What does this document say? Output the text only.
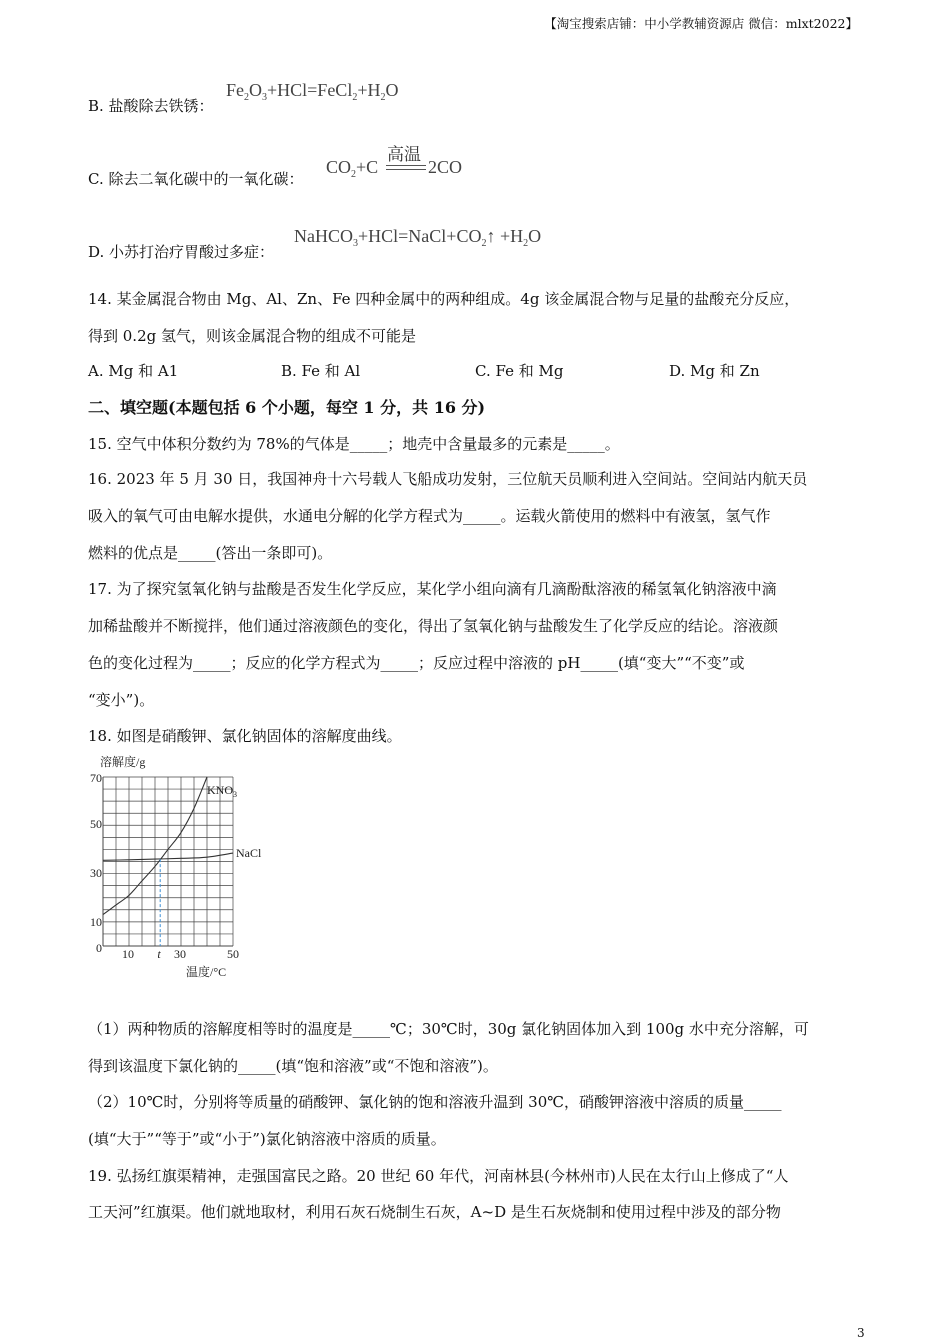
【淘宝搜索店铺：中小学教辅资源店 微信：mlxt2022】
B. 盐酸除去铁锈：
$Fe_2O_3+HCl=FeCl_2+H_2O$
C. 除去二氧化碳中的一氧化碳：
$CO_2+C$
高温
2CO
D. 小苏打治疗胃酸过多症：
$NaHCO_3+HCl=NaCl+CO_2↑ +H_2O$
14. 某金属混合物由 Mg、Al、Zn、Fe 四种金属中的两种组成。4g 该金属混合物与足量的盐酸充分反应，
得到 0.2g 氢气，则该金属混合物的组成不可能是
A. Mg 和 A1	B. Fe 和 Al	C. Fe 和 Mg	D. Mg 和 Zn
二、填空题(本题包括 6 个小题，每空 1 分，共 16 分)
15. 空气中体积分数约为 78%的气体是_____；地壳中含量最多的元素是_____。
16. 2023 年 5 月 30 日，我国神舟十六号载人飞船成功发射，三位航天员顺利进入空间站。空间站内航天员
吸入的氧气可由电解水提供，水通电分解的化学方程式为_____。运载火箭使用的燃料中有液氢，氢气作
燃料的优点是_____(答出一条即可)。
17. 为了探究氢氧化钠与盐酸是否发生化学反应，某化学小组向滴有几滴酚酞溶液的稀氢氧化钠溶液中滴
加稀盐酸并不断搅拌，他们通过溶液颜色的变化，得出了氢氧化钠与盐酸发生了化学反应的结论。溶液颜
色的变化过程为_____；反应的化学方程式为_____；反应过程中溶液的 pH_____(填“变大”“不变”或
“变小”)。
18. 如图是硝酸钾、氯化钠固体的溶解度曲线。
溶解度/g
温度/°C
70
50
30
10
0 10 t 30	50
$KNO_3$
NaCl
（1）两种物质的溶解度相等时的温度是_____℃；30℃时，30g 氯化钠固体加入到 100g 水中充分溶解，可
得到该温度下氯化钠的_____(填“饱和溶液”或“不饱和溶液”)。
（2）10℃时，分别将等质量的硝酸钾、氯化钠的饱和溶液升温到 30℃，硝酸钾溶液中溶质的质量_____
(填“大于”“等于”或“小于”)氯化钠溶液中溶质的质量。
19. 弘扬红旗渠精神，走强国富民之路。20 世纪 60 年代，河南林县(今林州市)人民在太行山上修成了“人
工天河”红旗渠。他们就地取材，利用石灰石烧制生石灰，A~D 是生石灰烧制和使用过程中涉及的部分物
3
